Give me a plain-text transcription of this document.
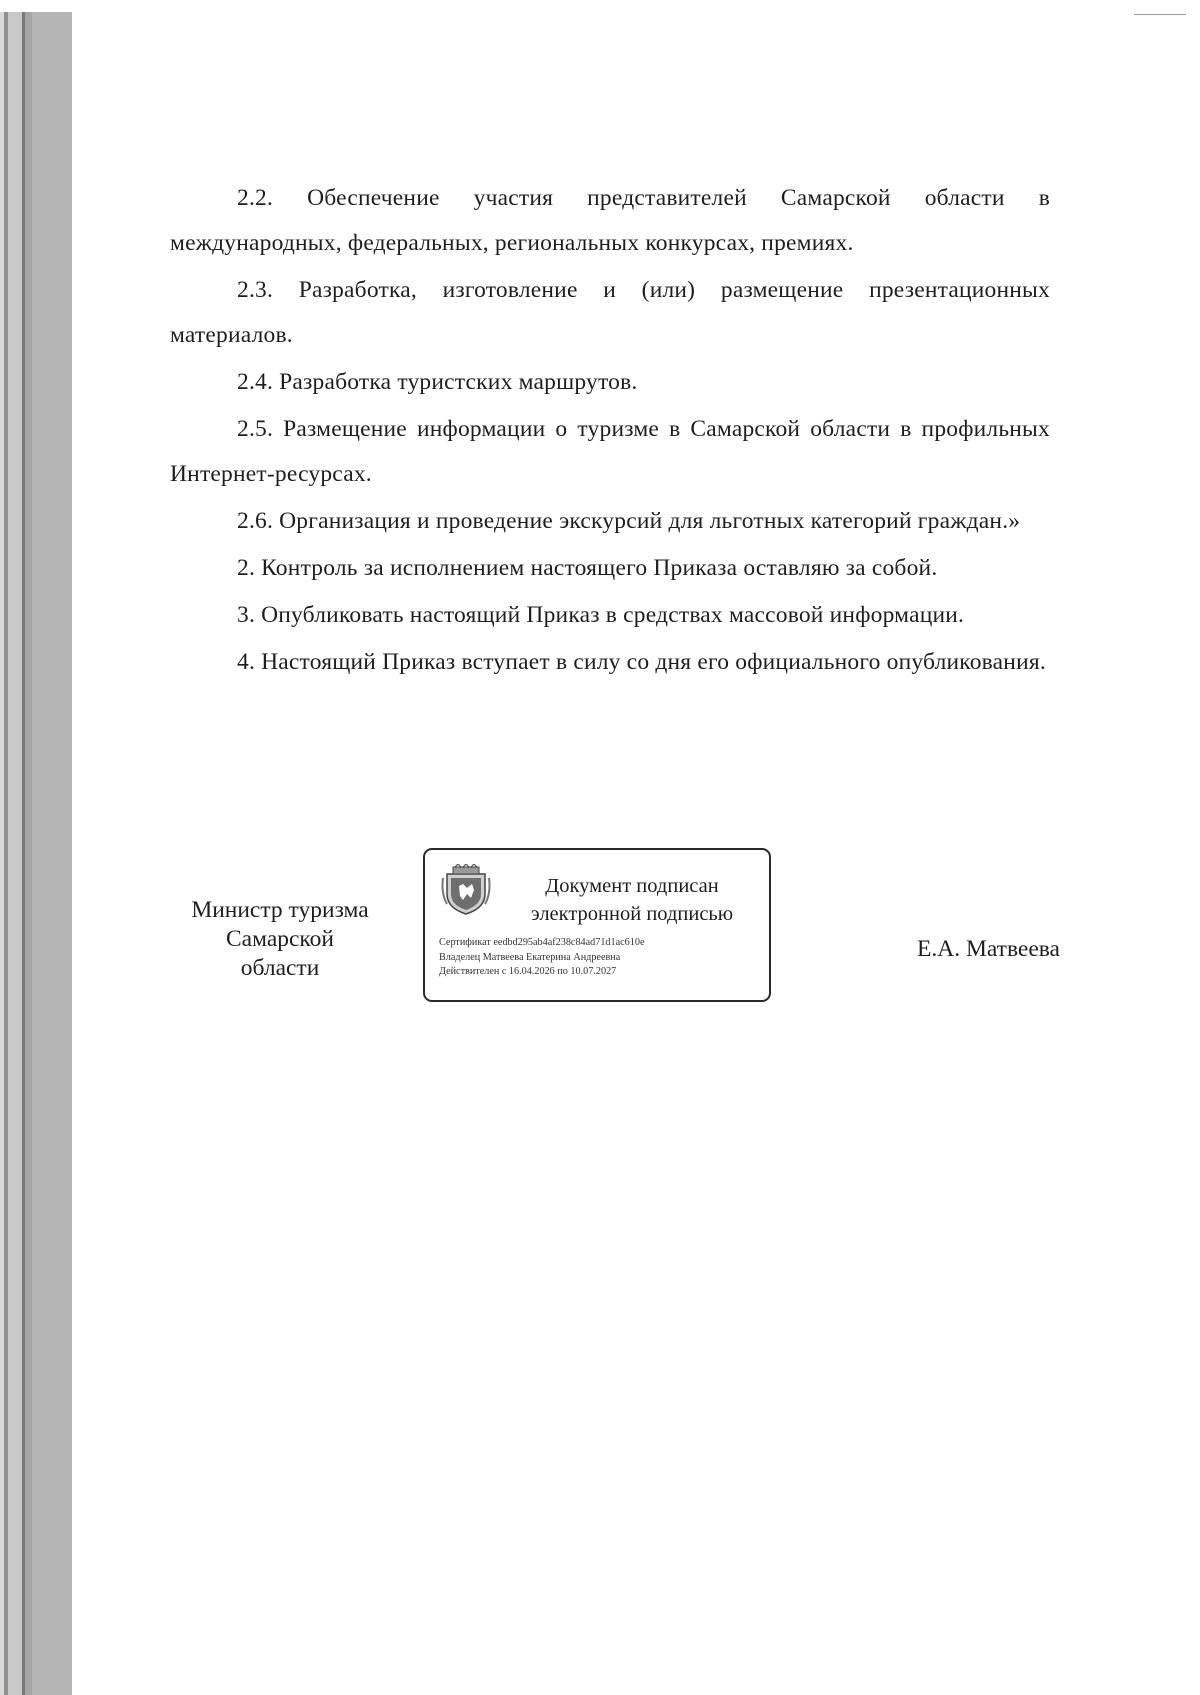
2.2. Обеспечение участия представителей Самарской области в международных, федеральных, региональных конкурсах, премиях.

2.3. Разработка, изготовление и (или) размещение презентационных материалов.

2.4. Разработка туристских маршрутов.

2.5. Размещение информации о туризме в Самарской области в профильных Интернет-ресурсах.

2.6. Организация и проведение экскурсий для льготных категорий граждан.»

2. Контроль за исполнением настоящего Приказа оставляю за собой.

3. Опубликовать настоящий Приказ в средствах массовой информации.

4. Настоящий Приказ вступает в силу со дня его официального опубликования.

Министр туризма
Самарской
области
Документ подписан
электронной подписью
Сертификат eedbd295ab4af238c84ad71d1ac610e
Владелец Матвеева Екатерина Андреевна
Действителен с 16.04.2026 по 10.07.2027
Е.А. Матвеева
